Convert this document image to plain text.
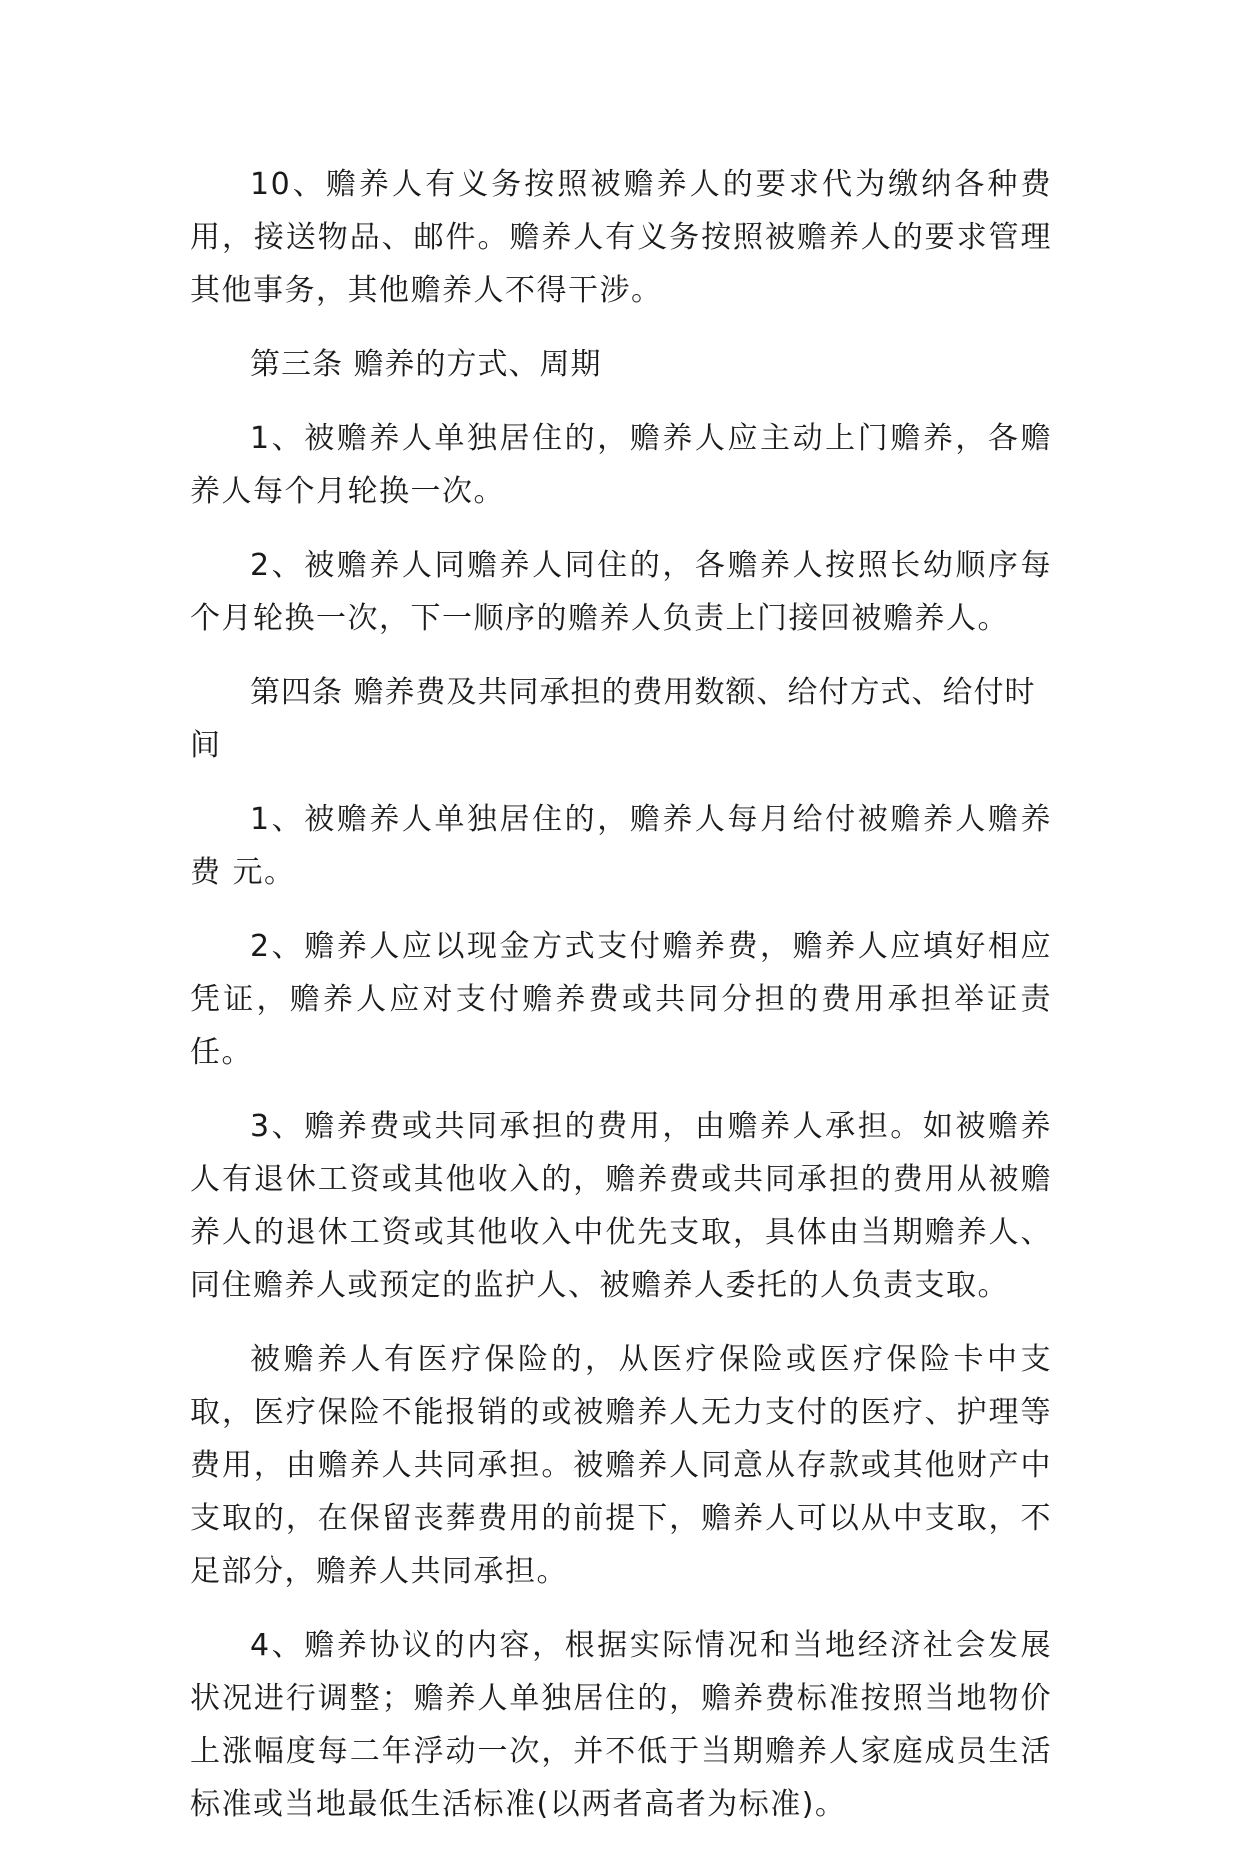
10、赡养人有义务按照被赡养人的要求代为缴纳各种费用，接送物品、邮件。赡养人有义务按照被赡养人的要求管理其他事务，其他赡养人不得干涉。

第三条 赡养的方式、周期

1、被赡养人单独居住的，赡养人应主动上门赡养，各赡养人每个月轮换一次。

2、被赡养人同赡养人同住的，各赡养人按照长幼顺序每 个月轮换一次，下一顺序的赡养人负责上门接回被赡养人。

第四条 赡养费及共同承担的费用数额、给付方式、给付时间

1、被赡养人单独居住的，赡养人每月给付被赡养人赡养费 元。

2、赡养人应以现金方式支付赡养费，赡养人应填好相应凭证，赡养人应对支付赡养费或共同分担的费用承担举证责任。

3、赡养费或共同承担的费用，由赡养人承担。如被赡养人有退休工资或其他收入的，赡养费或共同承担的费用从被赡养人的退休工资或其他收入中优先支取，具体由当期赡养人、同住赡养人或预定的监护人、被赡养人委托的人负责支取。

被赡养人有医疗保险的，从医疗保险或医疗保险卡中支取，医疗保险不能报销的或被赡养人无力支付的医疗、护理等费用，由赡养人共同承担。被赡养人同意从存款或其他财产中支取的，在保留丧葬费用的前提下，赡养人可以从中支取，不足部分，赡养人共同承担。

4、赡养协议的内容，根据实际情况和当地经济社会发展状况进行调整；赡养人单独居住的，赡养费标准按照当地物价上涨幅度每二年浮动一次，并不低于当期赡养人家庭成员生活标准或当地最低生活标准(以两者高者为标准)。
